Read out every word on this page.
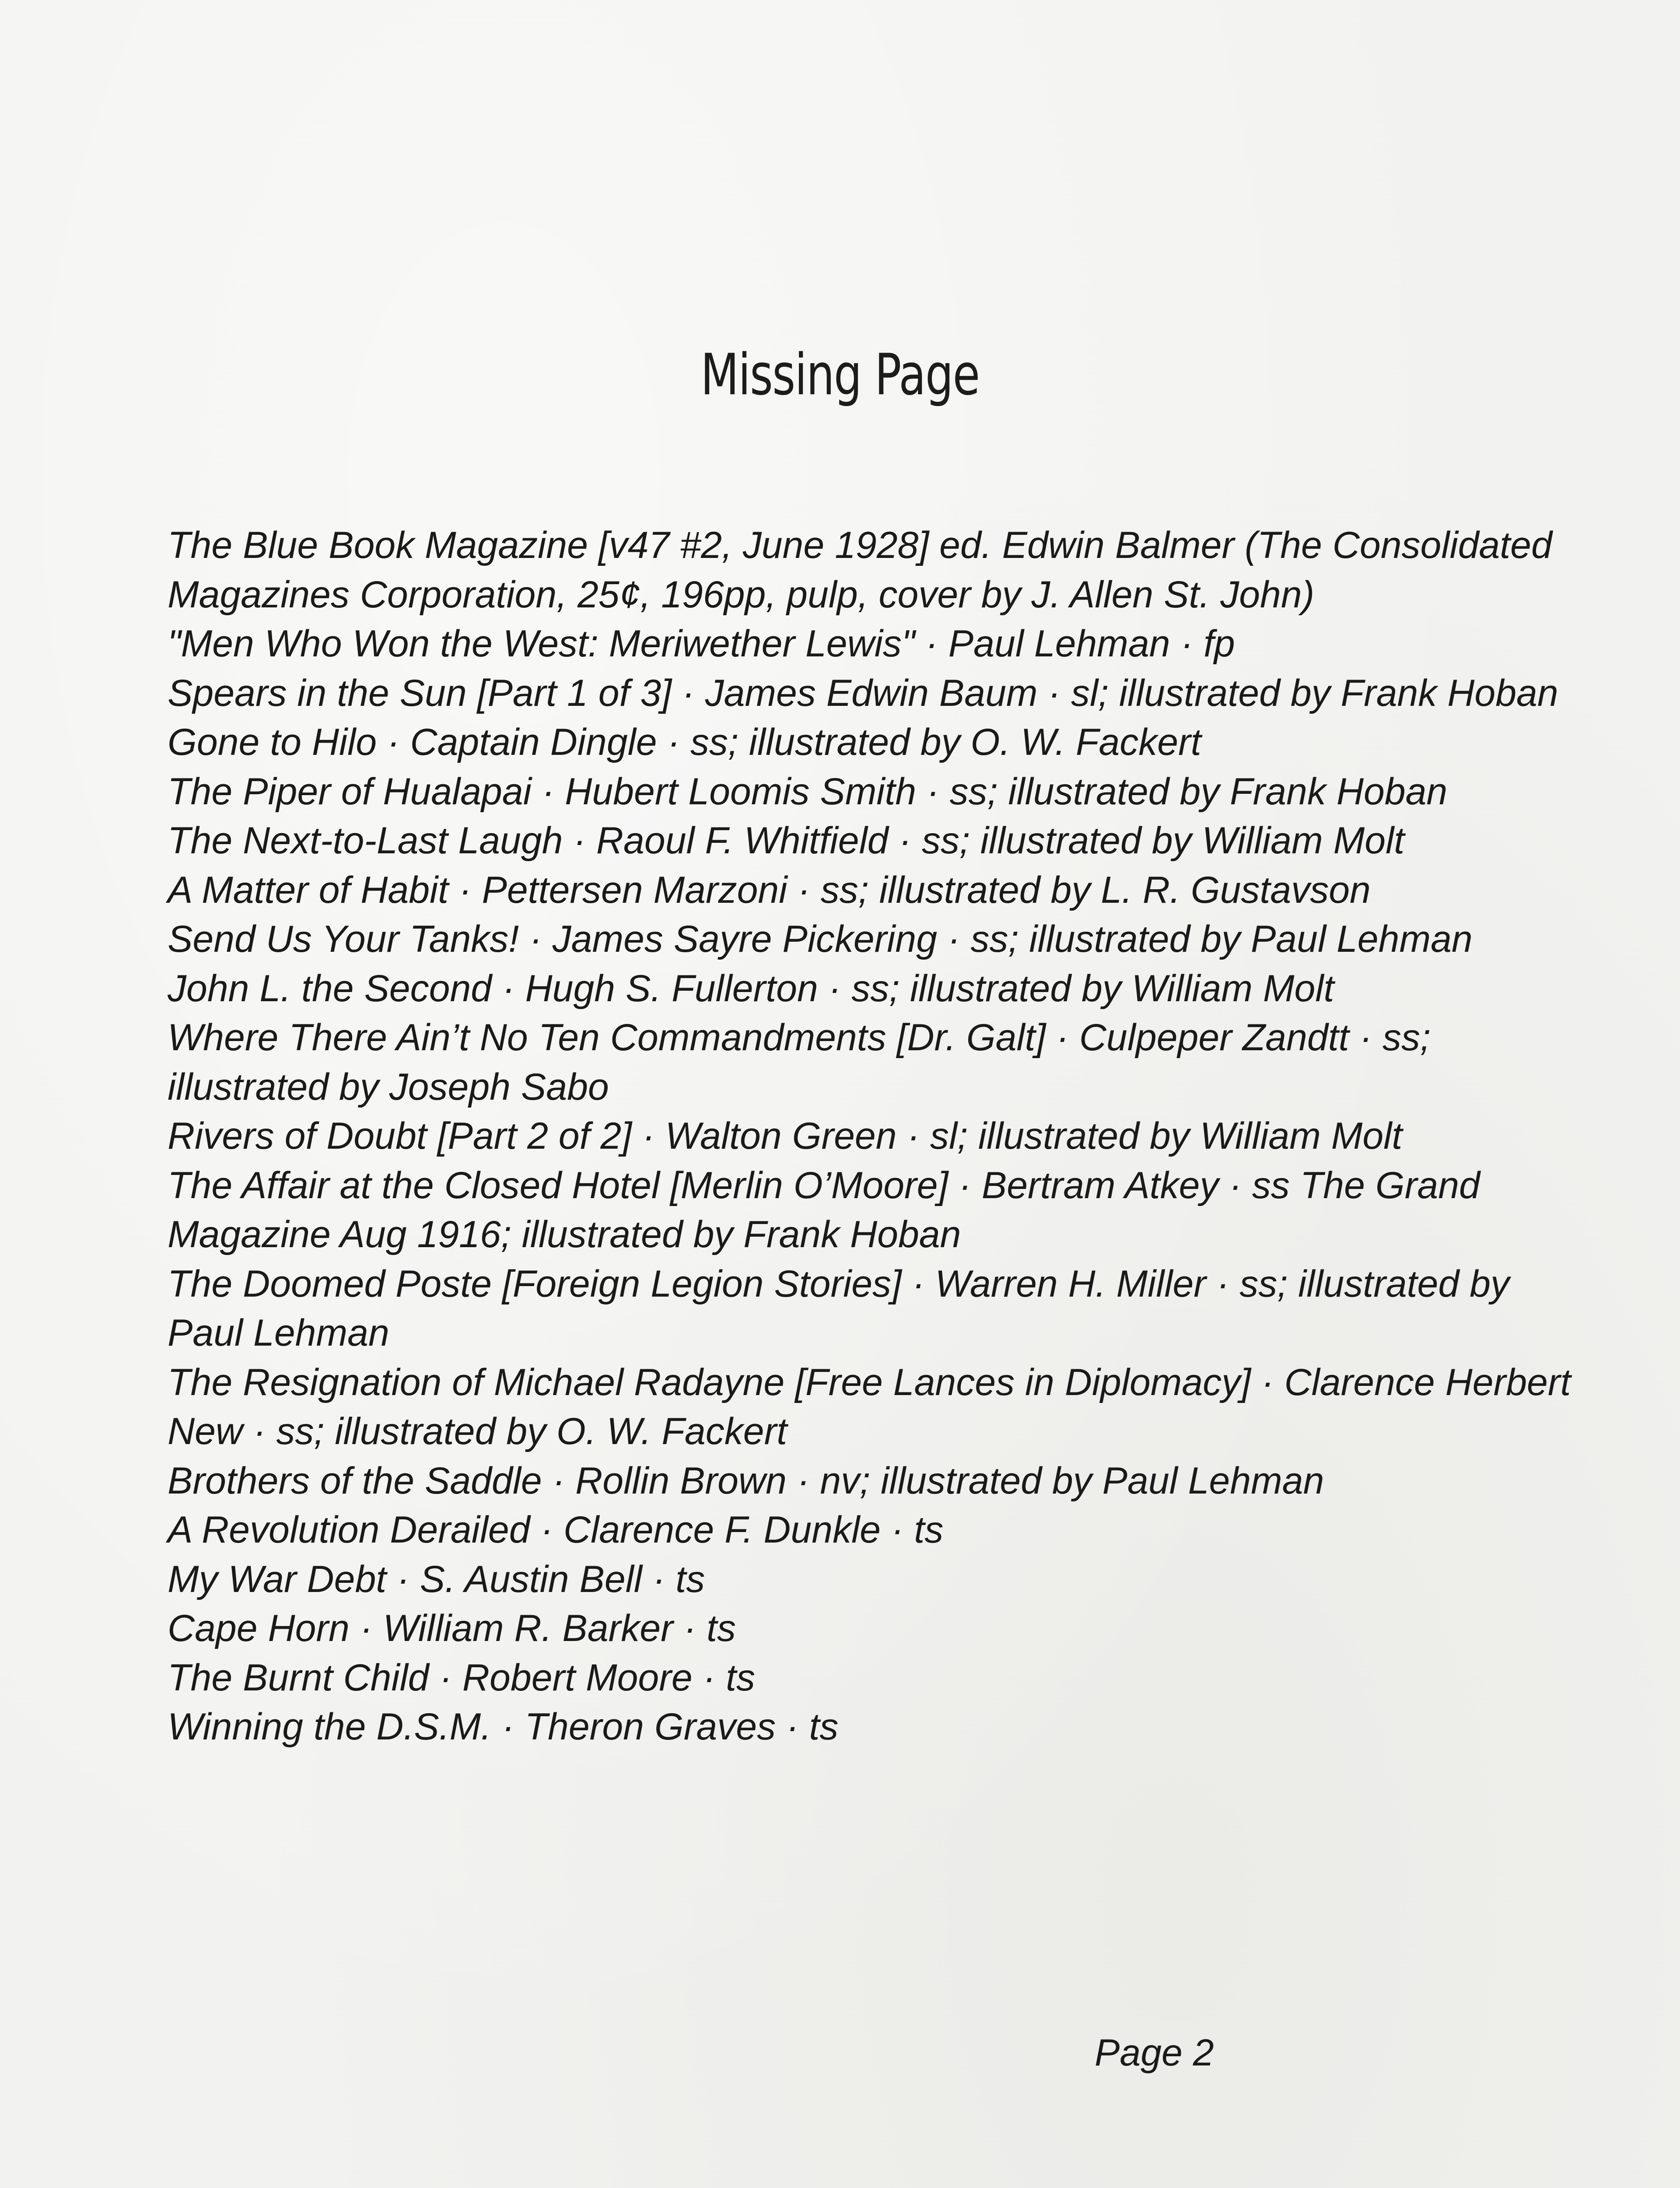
Missing Page
The Blue Book Magazine [v47 #2, June 1928] ed. Edwin Balmer (The Consolidated Magazines Corporation, 25¢, 196pp, pulp, cover by J. Allen St. John)
"Men Who Won the West: Meriwether Lewis" · Paul Lehman · fp
Spears in the Sun [Part 1 of 3] · James Edwin Baum · sl; illustrated by Frank Hoban
Gone to Hilo · Captain Dingle · ss; illustrated by O. W. Fackert
The Piper of Hualapai · Hubert Loomis Smith · ss; illustrated by Frank Hoban
The Next-to-Last Laugh · Raoul F. Whitfield · ss; illustrated by William Molt
A Matter of Habit · Pettersen Marzoni · ss; illustrated by L. R. Gustavson
Send Us Your Tanks! · James Sayre Pickering · ss; illustrated by Paul Lehman
John L. the Second · Hugh S. Fullerton · ss; illustrated by William Molt
Where There Ain’t No Ten Commandments [Dr. Galt] · Culpeper Zandtt · ss; illustrated by Joseph Sabo
Rivers of Doubt [Part 2 of 2] · Walton Green · sl; illustrated by William Molt
The Affair at the Closed Hotel [Merlin O’Moore] · Bertram Atkey · ss The Grand Magazine Aug 1916; illustrated by Frank Hoban
The Doomed Poste [Foreign Legion Stories] · Warren H. Miller · ss; illustrated by Paul Lehman
The Resignation of Michael Radayne [Free Lances in Diplomacy] · Clarence Herbert New · ss; illustrated by O. W. Fackert
Brothers of the Saddle · Rollin Brown · nv; illustrated by Paul Lehman
A Revolution Derailed · Clarence F. Dunkle · ts
My War Debt · S. Austin Bell · ts
Cape Horn · William R. Barker · ts
The Burnt Child · Robert Moore · ts
Winning the D.S.M. · Theron Graves · ts
Page 2
